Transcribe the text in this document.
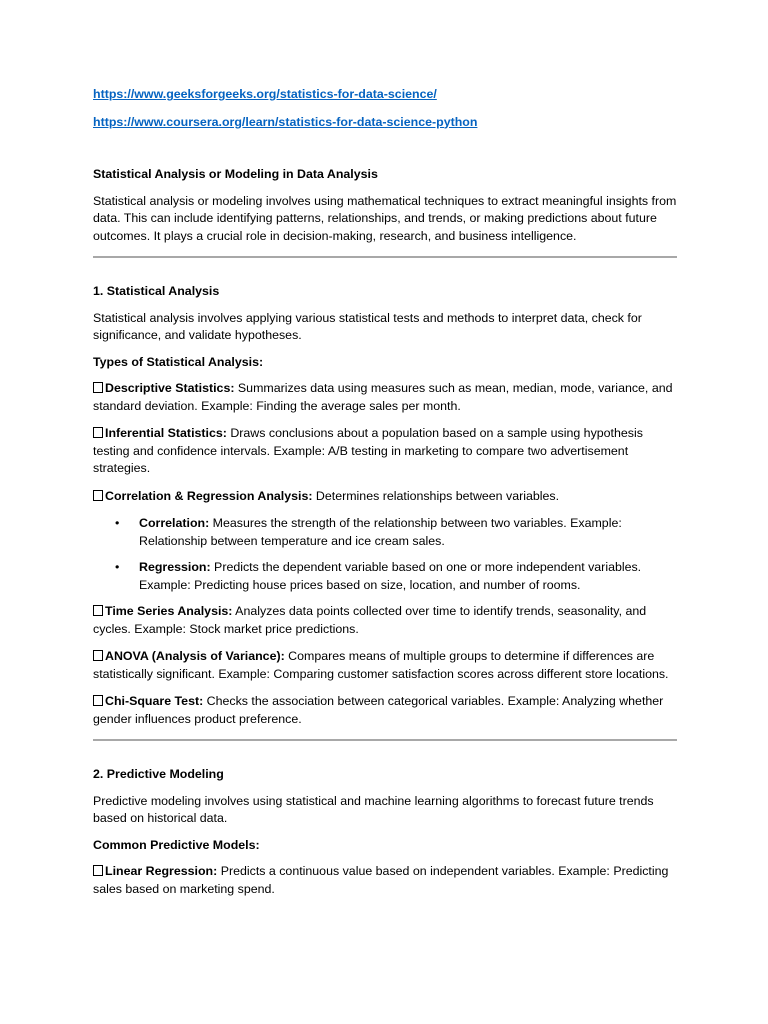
https://www.geeksforgeeks.org/statistics-for-data-science/
https://www.coursera.org/learn/statistics-for-data-science-python

Statistical Analysis or Modeling in Data Analysis

Statistical analysis or modeling involves using mathematical techniques to extract meaningful insights from data. This can include identifying patterns, relationships, and trends, or making predictions about future outcomes. It plays a crucial role in decision-making, research, and business intelligence.

1. Statistical Analysis

Statistical analysis involves applying various statistical tests and methods to interpret data, check for significance, and validate hypotheses.

Types of Statistical Analysis:

Descriptive Statistics: Summarizes data using measures such as mean, median, mode, variance, and standard deviation. Example: Finding the average sales per month.

Inferential Statistics: Draws conclusions about a population based on a sample using hypothesis testing and confidence intervals. Example: A/B testing in marketing to compare two advertisement strategies.

Correlation & Regression Analysis: Determines relationships between variables.

• Correlation: Measures the strength of the relationship between two variables. Example: Relationship between temperature and ice cream sales.
• Regression: Predicts the dependent variable based on one or more independent variables. Example: Predicting house prices based on size, location, and number of rooms.

Time Series Analysis: Analyzes data points collected over time to identify trends, seasonality, and cycles. Example: Stock market price predictions.

ANOVA (Analysis of Variance): Compares means of multiple groups to determine if differences are statistically significant. Example: Comparing customer satisfaction scores across different store locations.

Chi-Square Test: Checks the association between categorical variables. Example: Analyzing whether gender influences product preference.

2. Predictive Modeling

Predictive modeling involves using statistical and machine learning algorithms to forecast future trends based on historical data.

Common Predictive Models:

Linear Regression: Predicts a continuous value based on independent variables. Example: Predicting sales based on marketing spend.
